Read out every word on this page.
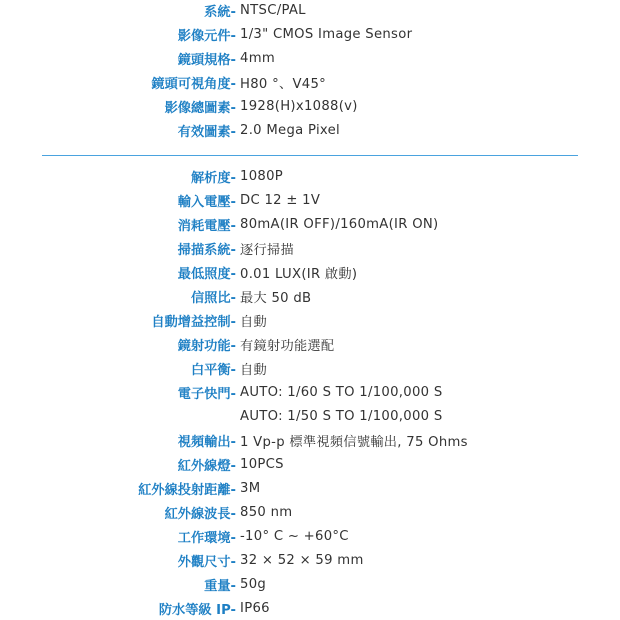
系統- NTSC/PAL
影像元件- 1/3" CMOS Image Sensor
鏡頭規格- 4mm
鏡頭可視角度- H80 °、V45°
影像總圖素- 1928(H)x1088(v)
有效圖素- 2.0 Mega Pixel
解析度- 1080P
輸入電壓- DC 12 ± 1V
消耗電壓- 80mA(IR OFF)/160mA(IR ON)
掃描系統- 逐行掃描
最低照度- 0.01 LUX(IR 啟動)
信照比- 最大 50 dB
自動增益控制- 自動
鏡射功能- 有鏡射功能選配
白平衡- 自動
電子快門- AUTO: 1/60 S TO 1/100,000 S
AUTO: 1/50 S TO 1/100,000 S
視頻輸出- 1 Vp-p 標準視頻信號輸出, 75 Ohms
紅外線燈- 10PCS
紅外線投射距離- 3M
紅外線波長- 850 nm
工作環境- -10° C ~ +60°C
外觀尺寸- 32 × 52 × 59 mm
重量- 50g
防水等級 IP- IP66
